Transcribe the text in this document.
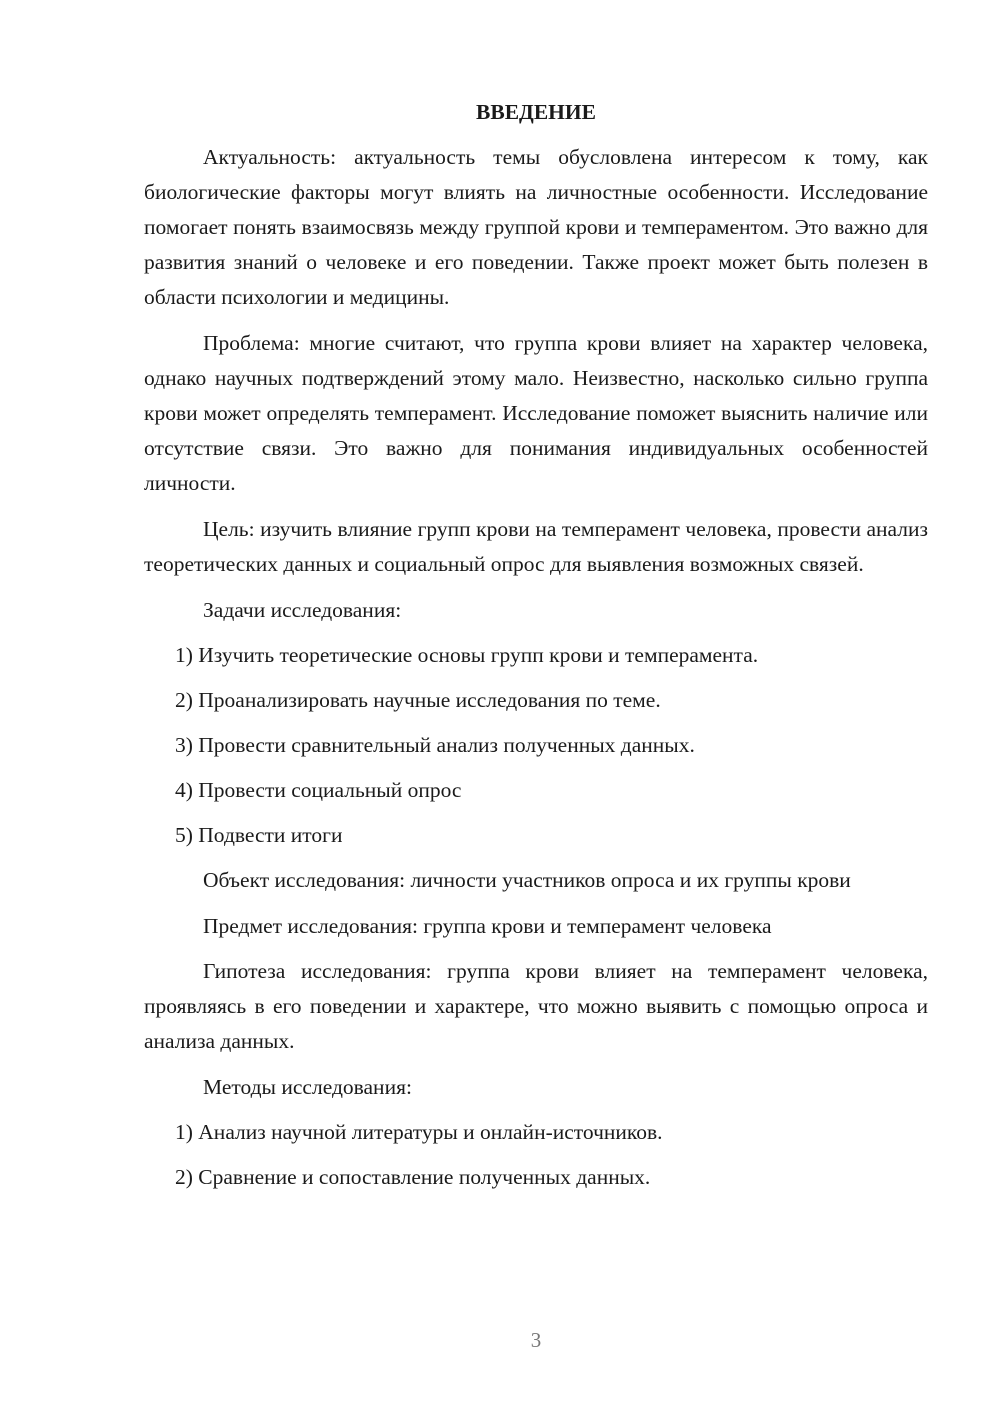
ВВЕДЕНИЕ

Актуальность: актуальность темы обусловлена интересом к тому, как биологические факторы могут влиять на личностные особенности. Исследование помогает понять взаимосвязь между группой крови и темпераментом. Это важно для развития знаний о человеке и его поведении. Также проект может быть полезен в области психологии и медицины.

Проблема: многие считают, что группа крови влияет на характер человека, однако научных подтверждений этому мало. Неизвестно, насколько сильно группа крови может определять темперамент. Исследование поможет выяснить наличие или отсутствие связи. Это важно для понимания индивидуальных особенностей личности.

Цель: изучить влияние групп крови на темперамент человека, провести анализ теоретических данных и социальный опрос для выявления возможных связей.

Задачи исследования:

1) Изучить теоретические основы групп крови и темперамента.

2) Проанализировать научные исследования по теме.

3) Провести сравнительный анализ полученных данных.

4) Провести социальный опрос

5) Подвести итоги

Объект исследования: личности участников опроса и их группы крови

Предмет исследования: группа крови и темперамент человека

Гипотеза исследования: группа крови влияет на темперамент человека, проявляясь в его поведении и характере, что можно выявить с помощью опроса и анализа данных.

Методы исследования:

1) Анализ научной литературы и онлайн-источников.

2) Сравнение и сопоставление полученных данных.

3
